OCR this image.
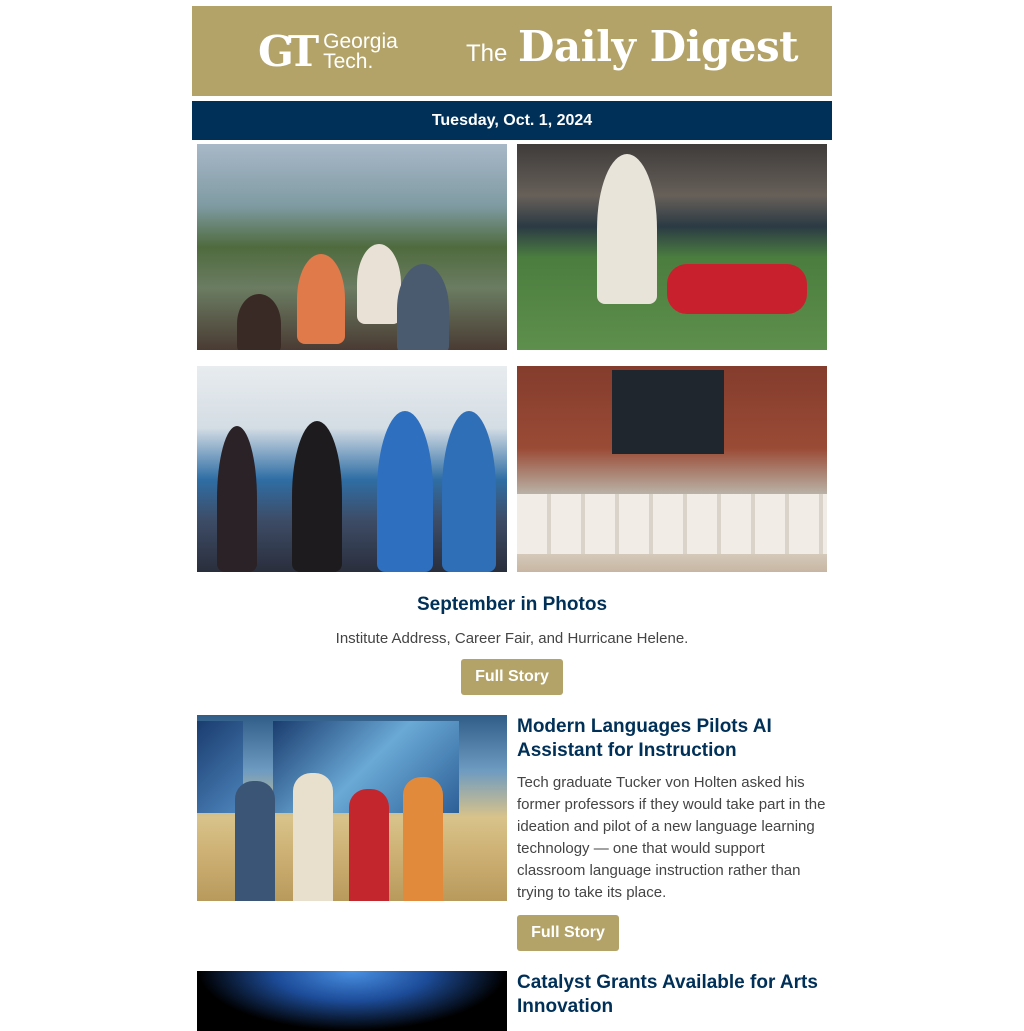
GT Georgia
Tech.	The Daily Digest
Tuesday, Oct. 1, 2024
September in Photos
Institute Address, Career Fair, and Hurricane Helene.
Full Story
Modern Languages Pilots AI Assistant for Instruction
Tech graduate Tucker von Holten asked his former professors if they would take part in the ideation and pilot of a new language learning technology — one that would support classroom language instruction rather than trying to take its place.
Full Story
Catalyst Grants Available for Arts Innovation
